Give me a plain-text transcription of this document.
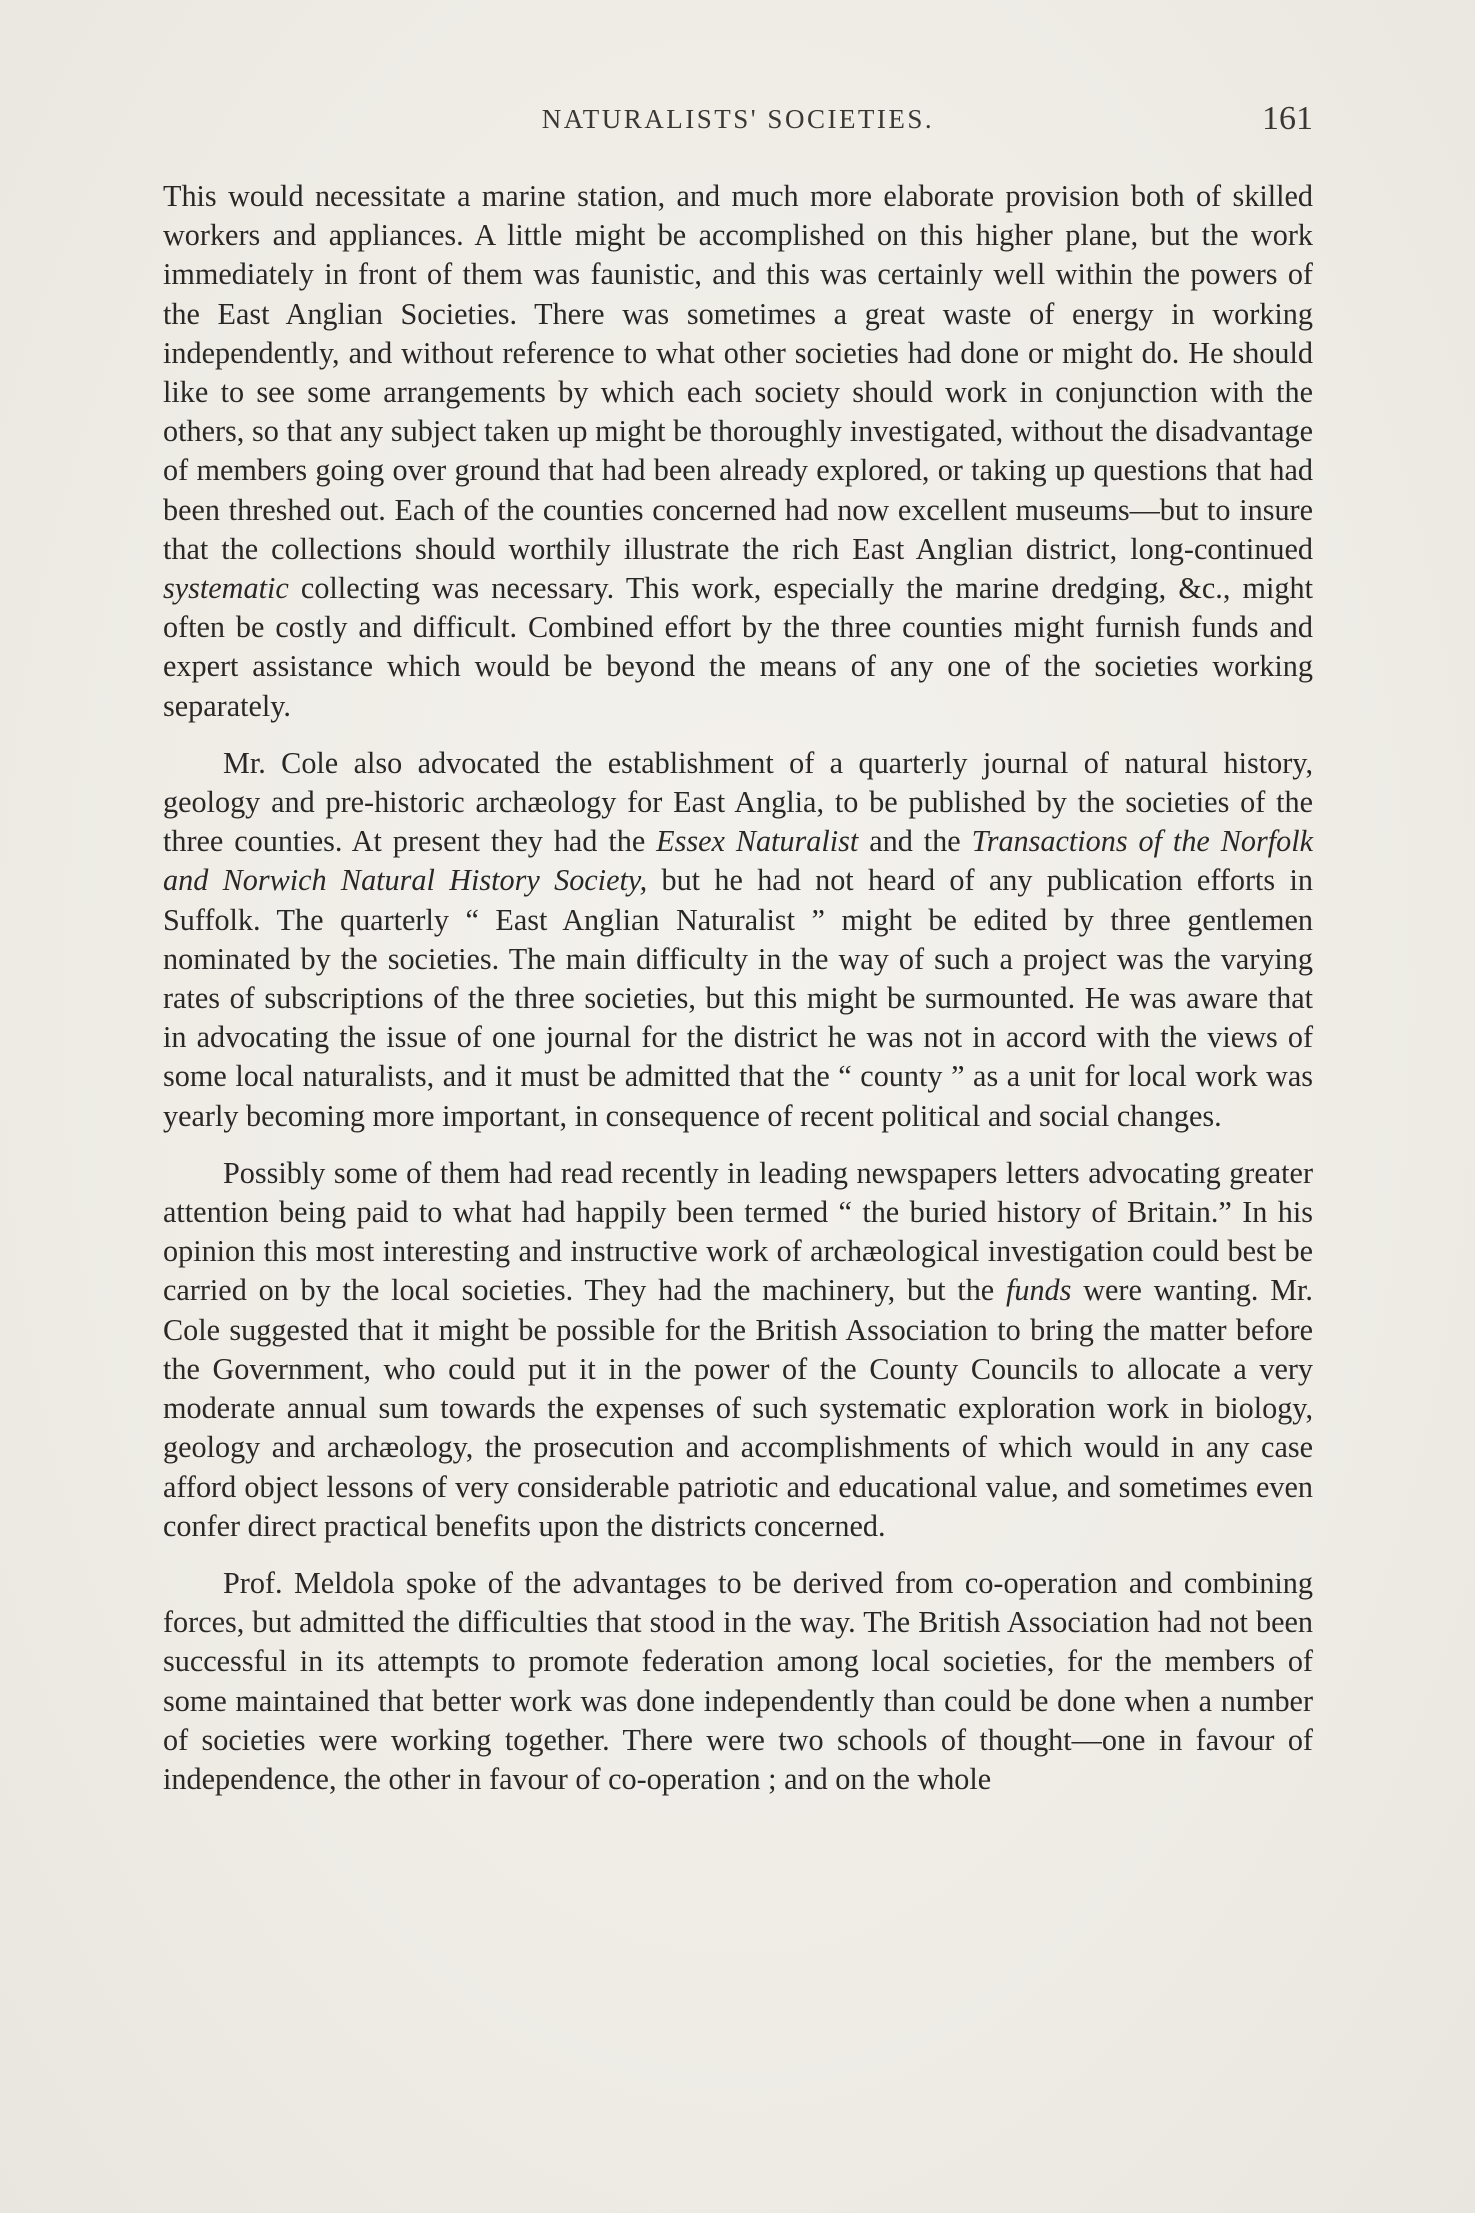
NATURALISTS' SOCIETIES.	161

This would necessitate a marine station, and much more elaborate provision both of skilled workers and appliances. A little might be accomplished on this higher plane, but the work immediately in front of them was faunistic, and this was certainly well within the powers of the East Anglian Societies. There was sometimes a great waste of energy in working independently, and without reference to what other societies had done or might do. He should like to see some arrangements by which each society should work in conjunction with the others, so that any subject taken up might be thoroughly investigated, without the disadvantage of members going over ground that had been already explored, or taking up questions that had been threshed out. Each of the counties concerned had now excellent museums—but to insure that the collections should worthily illustrate the rich East Anglian district, long-continued systematic collecting was necessary. This work, especially the marine dredging, &c., might often be costly and difficult. Combined effort by the three counties might furnish funds and expert assistance which would be beyond the means of any one of the societies working separately.

Mr. Cole also advocated the establishment of a quarterly journal of natural history, geology and pre-historic archæology for East Anglia, to be published by the societies of the three counties. At present they had the Essex Naturalist and the Transactions of the Norfolk and Norwich Natural History Society, but he had not heard of any publication efforts in Suffolk. The quarterly “ East Anglian Naturalist ” might be edited by three gentlemen nominated by the societies. The main difficulty in the way of such a project was the varying rates of subscriptions of the three societies, but this might be surmounted. He was aware that in advocating the issue of one journal for the district he was not in accord with the views of some local naturalists, and it must be admitted that the “ county ” as a unit for local work was yearly becoming more important, in consequence of recent political and social changes.

Possibly some of them had read recently in leading newspapers letters advocating greater attention being paid to what had happily been termed “ the buried history of Britain.” In his opinion this most interesting and instructive work of archæological investigation could best be carried on by the local societies. They had the machinery, but the funds were wanting. Mr. Cole suggested that it might be possible for the British Association to bring the matter before the Government, who could put it in the power of the County Councils to allocate a very moderate annual sum towards the expenses of such systematic exploration work in biology, geology and archæology, the prosecution and accomplishments of which would in any case afford object lessons of very considerable patriotic and educational value, and sometimes even confer direct practical benefits upon the districts concerned.

Prof. Meldola spoke of the advantages to be derived from co-operation and combining forces, but admitted the difficulties that stood in the way. The British Association had not been successful in its attempts to promote federation among local societies, for the members of some maintained that better work was done independently than could be done when a number of societies were working together. There were two schools of thought—one in favour of independence, the other in favour of co-operation ; and on the whole
